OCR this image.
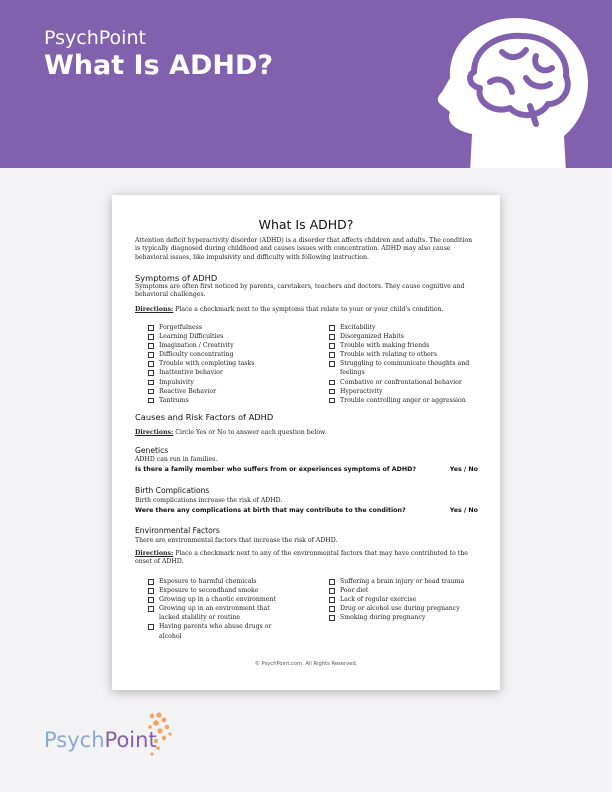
PsychPoint
What Is ADHD?
What Is ADHD?
Attention deficit hyperactivity disorder (ADHD) is a disorder that affects children and adults. The condition is typically diagnosed during childhood and causes issues with concentration. ADHD may also cause behavioral issues, like impulsivity and difficulty with following instruction.
Symptoms of ADHD
Symptoms are often first noticed by parents, caretakers, teachers and doctors. They cause cognitive and behavioral challenges.
Directions: Place a checkmark next to the symptoms that relate to your or your child's condition.
Forgetfulness
Learning Difficulties
Imagination / Creativity
Difficulty concentrating
Trouble with completing tasks
Inattentive behavior
Impulsivity
Reactive Behavior
Tantrums
Excitability
Disorganized Habits
Trouble with making friends
Trouble with relating to others
Struggling to communicate thoughts and feelings
Combative or confrontational behavior
Hyperactivity
Trouble controlling anger or aggression
Causes and Risk Factors of ADHD
Directions: Circle Yes or No to answer each question below.
Genetics
ADHD can run in families.
Is there a family member who suffers from or experiences symptoms of ADHD?	Yes / No
Birth Complications
Birth complications increase the risk of ADHD.
Were there any complications at birth that may contribute to the condition?	Yes / No
Environmental Factors
There are environmental factors that increase the risk of ADHD.
Directions: Place a checkmark next to any of the environmental factors that may have contributed to the onset of ADHD.
Exposure to harmful chemicals
Exposure to secondhand smoke
Growing up in a chaotic environment
Growing up in an environment that lacked stability or routine
Having parents who abuse drugs or alcohol
Suffering a brain injury or head trauma
Poor diet
Lack of regular exercise
Drug or alcohol use during pregnancy
Smoking during pregnancy
© PsychPoint.com. All Rights Reserved.
PsychPoint
